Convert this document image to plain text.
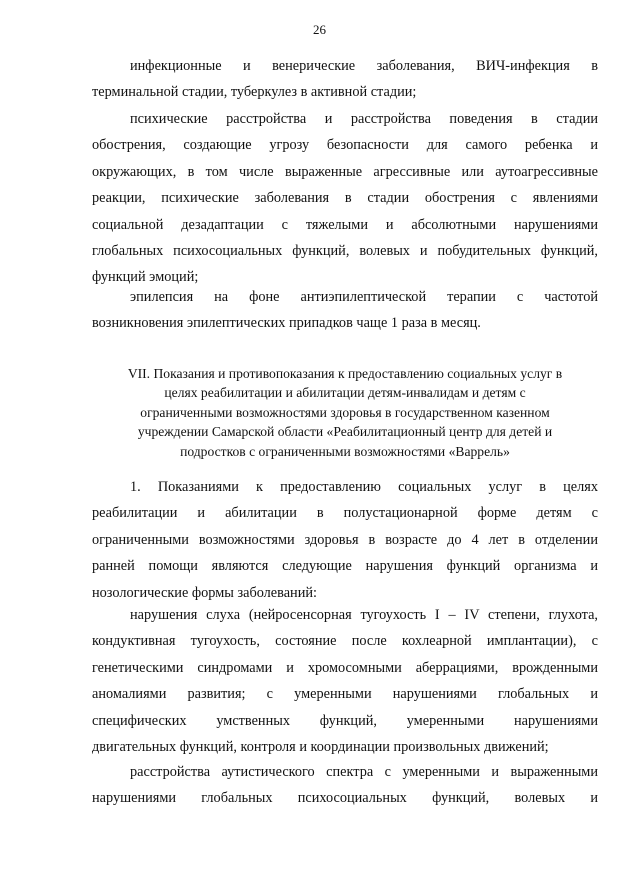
26
инфекционные и венерические заболевания, ВИЧ-инфекция в
терминальной стадии, туберкулез в активной стадии;
психические расстройства и расстройства поведения в стадии
обострения, создающие угрозу безопасности для самого ребенка и
окружающих, в том числе выраженные агрессивные или аутоагрессивные
реакции, психические заболевания в стадии обострения с явлениями
социальной дезадаптации с тяжелыми и абсолютными нарушениями
глобальных психосоциальных функций, волевых и побудительных функций,
функций эмоций;
эпилепсия на фоне антиэпилептической терапии с частотой
возникновения эпилептических припадков чаще 1 раза в месяц.
VII. Показания и противопоказания к предоставлению социальных услуг в
целях реабилитации и абилитации детям-инвалидам и детям с
ограниченными возможностями здоровья в государственном казенном
учреждении Самарской области «Реабилитационный центр для детей и
подростков с ограниченными возможностями «Варрель»
1. Показаниями к предоставлению социальных услуг в целях
реабилитации и абилитации в полустационарной форме детям с
ограниченными возможностями здоровья в возрасте до 4 лет в отделении
ранней помощи являются следующие нарушения функций организма и
нозологические формы заболеваний:
нарушения слуха (нейросенсорная тугоухость I – IV степени, глухота,
кондуктивная тугоухость, состояние после кохлеарной имплантации), с
генетическими синдромами и хромосомными аберрациями, врожденными
аномалиями развития; с умеренными нарушениями глобальных и
специфических умственных функций, умеренными нарушениями
двигательных функций, контроля и координации произвольных движений;
расстройства аутистического спектра с умеренными и выраженными
нарушениями глобальных психосоциальных функций, волевых и
